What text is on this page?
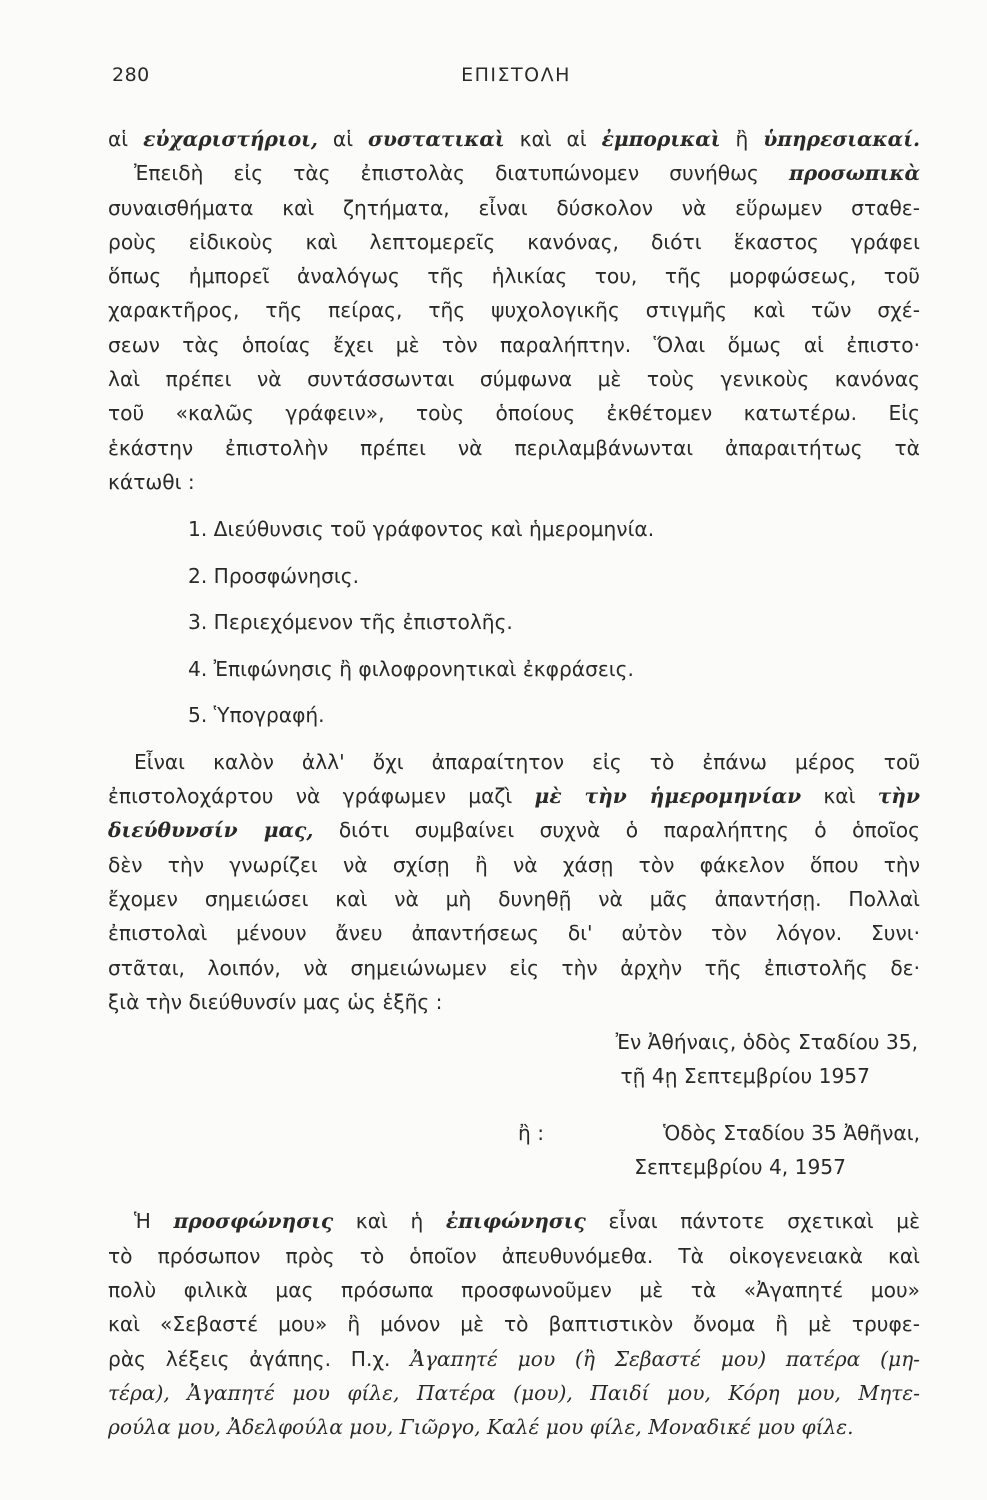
280	ΕΠΙΣΤΟΛΗ

αἱ εὐχαριστήριοι, αἱ συστατικαὶ καὶ αἱ ἐμπορικαὶ ἢ ὑπηρεσιακαί.

Ἐπειδὴ εἰς τὰς ἐπιστολὰς διατυπώνομεν συνήθως προσωπικὰ

συναισθήματα καὶ ζητήματα, εἶναι δύσκολον νὰ εὕρωμεν σταθε-

ροὺς εἰδικοὺς καὶ λεπτομερεῖς κανόνας, διότι ἕκαστος γράφει

ὅπως ἠμπορεῖ ἀναλόγως τῆς ἡλικίας του, τῆς μορφώσεως, τοῦ

χαρακτῆρος, τῆς πείρας, τῆς ψυχολογικῆς στιγμῆς καὶ τῶν σχέ-

σεων τὰς ὁποίας ἔχει μὲ τὸν παραλήπτην. Ὅλαι ὅμως αἱ ἐπιστο·

λαὶ πρέπει νὰ συντάσσωνται σύμφωνα μὲ τοὺς γενικοὺς κανόνας

τοῦ «καλῶς γράφειν», τοὺς ὁποίους ἐκθέτομεν κατωτέρω. Εἰς

ἑκάστην ἐπιστολὴν πρέπει νὰ περιλαμβάνωνται ἀπαραιτήτως τὰ

κάτωθι :

1. Διεύθυνσις τοῦ γράφοντος καὶ ἡμερομηνία.
2. Προσφώνησις.
3. Περιεχόμενον τῆς ἐπιστολῆς.
4. Ἐπιφώνησις ἢ φιλοφρονητικαὶ ἐκφράσεις.
5. Ὑπογραφή.

Εἶναι καλὸν ἀλλ' ὄχι ἀπαραίτητον εἰς τὸ ἐπάνω μέρος τοῦ

ἐπιστολοχάρτου νὰ γράφωμεν μαζὶ μὲ τὴν ἡμερομηνίαν καὶ τὴν

διεύθυνσίν μας, διότι συμβαίνει συχνὰ ὁ παραλήπτης ὁ ὁποῖος

δὲν τὴν γνωρίζει νὰ σχίσῃ ἢ νὰ χάσῃ τὸν φάκελον ὅπου τὴν

ἔχομεν σημειώσει καὶ νὰ μὴ δυνηθῇ νὰ μᾶς ἀπαντήσῃ. Πολλαὶ

ἐπιστολαὶ μένουν ἄνευ ἀπαντήσεως δι' αὐτὸν τὸν λόγον. Συνι·

στᾶται, λοιπόν, νὰ σημειώνωμεν εἰς τὴν ἀρχὴν τῆς ἐπιστολῆς δε·

ξιὰ τὴν διεύθυνσίν μας ὡς ἑξῆς :

Ἐν Ἀθήναις, ὁδὸς Σταδίου 35,

τῇ 4ῃ Σεπτεμβρίου 1957

ἢ :	Ὁδὸς Σταδίου 35 Ἀθῆναι,

Σεπτεμβρίου 4, 1957

Ἡ προσφώνησις καὶ ἡ ἐπιφώνησις εἶναι πάντοτε σχετικαὶ μὲ

τὸ πρόσωπον πρὸς τὸ ὁποῖον ἀπευθυνόμεθα. Τὰ οἰκογενειακὰ καὶ

πολὺ φιλικὰ μας πρόσωπα προσφωνοῦμεν μὲ τὰ «Ἀγαπητέ μου»

καὶ «Σεβαστέ μου» ἢ μόνον μὲ τὸ βαπτιστικὸν ὄνομα ἢ μὲ τρυφε-

ρὰς λέξεις ἀγάπης. Π.χ. Ἀγαπητέ μου (ἢ Σεβαστέ μου) πατέρα (μη-

τέρα), Ἀγαπητέ μου φίλε, Πατέρα (μου), Παιδί μου, Κόρη μου, Μητε-

ρούλα μου, Ἀδελφούλα μου, Γιῶργο, Καλέ μου φίλε, Μοναδικέ μου φίλε.
